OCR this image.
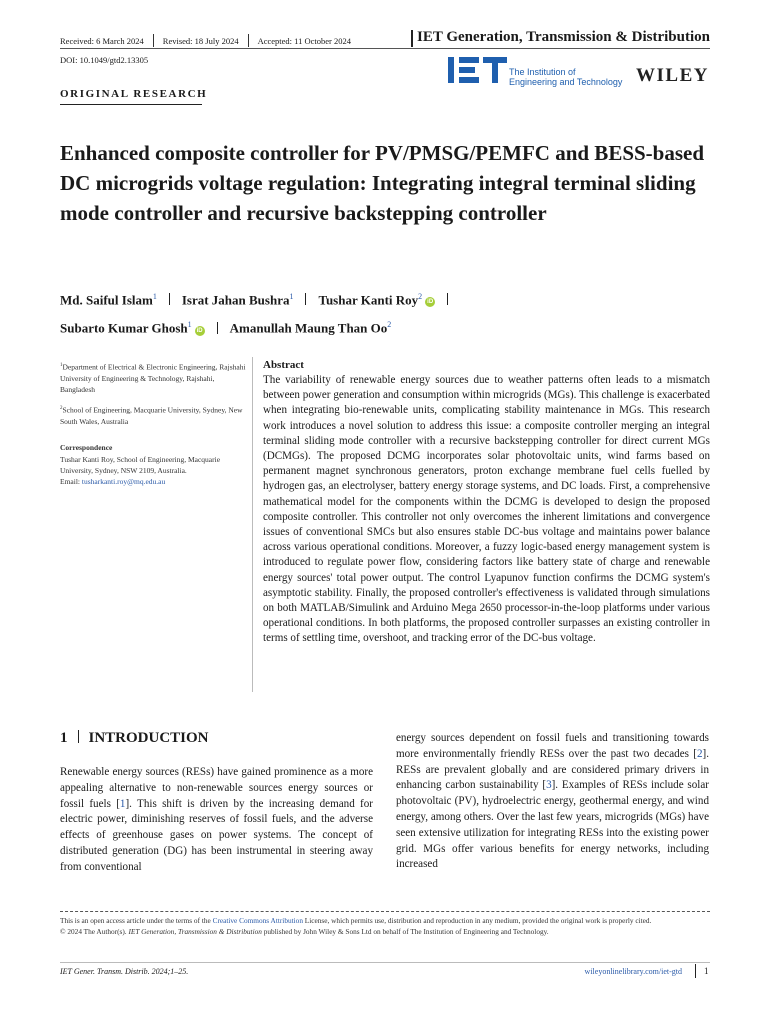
Received: 6 March 2024 Revised: 18 July 2024 Accepted: 11 October 2024	IET Generation, Transmission & Distribution
DOI: 10.1049/gtd2.13305
The Institution of
Engineering and Technology WILEY
ORIGINAL RESEARCH
Enhanced composite controller for PV/PMSG/PEMFC and BESS-based DC microgrids voltage regulation: Integrating integral terminal sliding mode controller and recursive backstepping controller
Md. Saiful Islam$^1$ Israt Jahan Bushra$^1$ Tushar Kanti Roy$^2$iD
Subarto Kumar Ghosh$^1$iD Amanullah Maung Than Oo$^2$
$^1$Department of Electrical & Electronic Engineering, Rajshahi University of Engineering & Technology, Rajshahi, Bangladesh
$^2$School of Engineering, Macquarie University, Sydney, New South Wales, Australia
Correspondence
Tushar Kanti Roy, School of Engineering, Macquarie University, Sydney, NSW 2109, Australia.
Email: tusharkanti.roy@mq.edu.au
Abstract

The variability of renewable energy sources due to weather patterns often leads to a mismatch between power generation and consumption within microgrids (MGs). This challenge is exacerbated when integrating bio-renewable units, complicating stability maintenance in MGs. This research work introduces a novel solution to address this issue: a composite controller merging an integral terminal sliding mode controller with a recursive backstepping controller for direct current MGs (DCMGs). The proposed DCMG incorporates solar photovoltaic units, wind farms based on permanent magnet synchronous generators, proton exchange membrane fuel cells fuelled by hydrogen gas, an electrolyser, battery energy storage systems, and DC loads. First, a comprehensive mathematical model for the components within the DCMG is developed to design the proposed composite controller. This controller not only overcomes the inherent limitations and convergence issues of conventional SMCs but also ensures stable DC-bus voltage and maintains power balance across various operational conditions. Moreover, a fuzzy logic-based energy management system is introduced to regulate power flow, considering factors like battery state of charge and renewable energy sources' total power output. The control Lyapunov function confirms the DCMG system's asymptotic stability. Finally, the proposed controller's effectiveness is validated through simulations on both MATLAB/Simulink and Arduino Mega 2650 processor-in-the-loop platforms under various operational conditions. In both platforms, the proposed controller surpasses an existing controller in terms of settling time, overshoot, and tracking error of the DC-bus voltage.

1 INTRODUCTION

Renewable energy sources (RESs) have gained prominence as a more appealing alternative to non-renewable sources energy sources or fossil fuels [1]. This shift is driven by the increasing demand for electric power, diminishing reserves of fossil fuels, and the adverse effects of greenhouse gases on power systems. The concept of distributed generation (DG) has been instrumental in steering away from conventional

energy sources dependent on fossil fuels and transitioning towards more environmentally friendly RESs over the past two decades [2]. RESs are prevalent globally and are considered primary drivers in enhancing carbon sustainability [3]. Examples of RESs include solar photovoltaic (PV), hydroelectric energy, geothermal energy, and wind energy, among others. Over the last few years, microgrids (MGs) have seen extensive utilization for integrating RESs into the existing power grid. MGs offer various benefits for energy networks, including increased

This is an open access article under the terms of the Creative Commons Attribution License, which permits use, distribution and reproduction in any medium, provided the original work is properly cited.
© 2024 The Author(s). IET Generation, Transmission & Distribution published by John Wiley & Sons Ltd on behalf of The Institution of Engineering and Technology.
IET Gener. Transm. Distrib. 2024;1–25.	wileyonlinelibrary.com/iet-gtd 1
